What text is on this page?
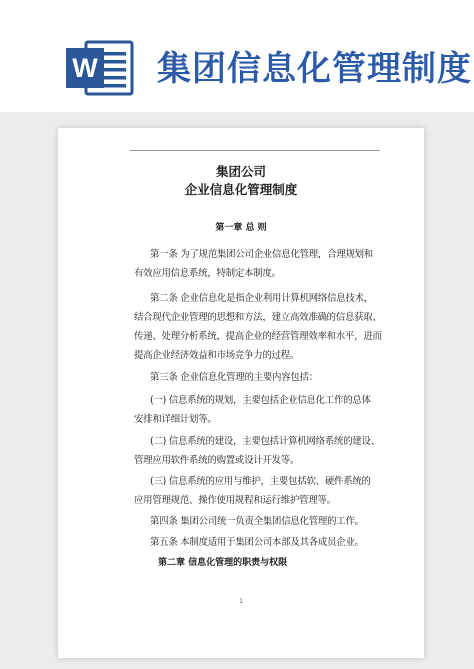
W 集团信息化管理制度
集团公司
企业信息化管理制度
第一章 总 则
第一条 为了规范集团公司企业信息化管理，合理规划和
有效应用信息系统，特制定本制度。
第二条 企业信息化是指企业利用计算机网络信息技术，
结合现代企业管理的思想和方法，建立高效准确的信息获取、
传递、处理分析系统，提高企业的经营管理效率和水平，进而
提高企业经济效益和市场竞争力的过程。
第三条 企业信息化管理的主要内容包括：
(一) 信息系统的规划，主要包括企业信息化工作的总体
安排和详细计划等。
(二) 信息系统的建设，主要包括计算机网络系统的建设、
管理应用软件系统的购置或设计开发等。
(三) 信息系统的应用与维护，主要包括软、硬件系统的
应用管理规范、操作使用规程和运行维护管理等。
第四条 集团公司统一负责全集团信息化管理的工作。
第五条 本制度适用于集团公司本部及其各成员企业。
第二章 信息化管理的职责与权限
1
